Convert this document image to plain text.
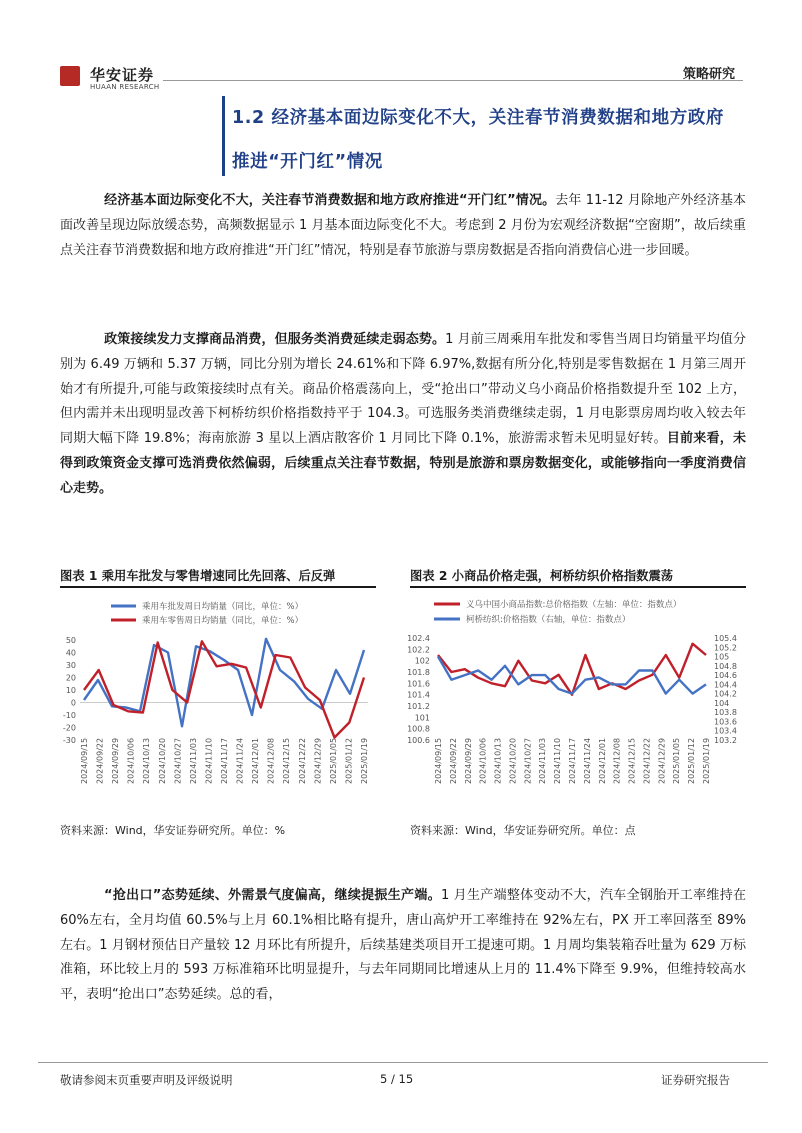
华安证券
HUAAN RESEARCH
策略研究
1.2 经济基本面边际变化不大，关注春节消费数据和地方政府
推进“开门红”情况
经济基本面边际变化不大，关注春节消费数据和地方政府推进“开门红”情况。去年 11-12 月除地产外经济基本面改善呈现边际放缓态势，高频数据显示 1 月基本面边际变化不大。考虑到 2 月份为宏观经济数据“空窗期”，故后续重点关注春节消费数据和地方政府推进“开门红”情况，特别是春节旅游与票房数据是否指向消费信心进一步回暖。
政策接续发力支撑商品消费，但服务类消费延续走弱态势。1 月前三周乘用车批发和零售当周日均销量平均值分别为 6.49 万辆和 5.37 万辆，同比分别为增长 24.61%和下降 6.97%,数据有所分化,特别是零售数据在 1 月第三周开始才有所提升,可能与政策接续时点有关。商品价格震荡向上，受“抢出口”带动义乌小商品价格指数提升至 102 上方，但内需并未出现明显改善下柯桥纺织价格指数持平于 104.3。可选服务类消费继续走弱，1 月电影票房周均收入较去年同期大幅下降 19.8%；海南旅游 3 星以上酒店散客价 1 月同比下降 0.1%，旅游需求暂未见明显好转。目前来看，未得到政策资金支撑可选消费依然偏弱，后续重点关注春节数据，特别是旅游和票房数据变化，或能够指向一季度消费信心走势。
图表 1 乘用车批发与零售增速同比先回落、后反弹	图表 2 小商品价格走强，柯桥纺织价格指数震荡
乘用车批发周日均销量（同比，单位：%）
乘用车零售周日均销量（同比，单位：%）
50
40
30
20
10
0
-10
-20
-30 2024/09/15 2024/09/22 2024/09/29 2024/10/06 2024/10/13 2024/10/20 2024/10/27 2024/11/03 2024/11/10 2024/11/17 2024/11/24 2024/12/01 2024/12/08 2024/12/15 2024/12/22 2024/12/29 2025/01/05 2025/01/12 2025/01/19
义乌中国小商品指数:总价格指数（左轴：单位：指数点）
柯桥纺织:价格指数（右轴，单位：指数点）
102.4
102.2
102
101.8
101.6
101.4
101.2
101
100.8
100.6
105.4
105.2
105
104.8
104.6
104.4
104.2
104
103.8
103.6
103.4
103.2
2024/09/15 2024/09/22 2024/09/29 2024/10/06 2024/10/13 2024/10/20 2024/10/27 2024/11/03 2024/11/10 2024/11/17 2024/11/24 2024/12/01 2024/12/08 2024/12/15 2024/12/22 2024/12/29 2025/01/05 2025/01/12 2025/01/19
资料来源：Wind，华安证券研究所。单位：%	资料来源：Wind，华安证券研究所。单位：点
“抢出口”态势延续、外需景气度偏高，继续提振生产端。1 月生产端整体变动不大，汽车全钢胎开工率维持在 60%左右，全月均值 60.5%与上月 60.1%相比略有提升，唐山高炉开工率维持在 92%左右，PX 开工率回落至 89%左右。1 月钢材预估日产量较 12 月环比有所提升，后续基建类项目开工提速可期。1 月周均集装箱吞吐量为 629 万标准箱，环比较上月的 593 万标准箱环比明显提升，与去年同期同比增速从上月的 11.4%下降至 9.9%，但维持较高水平，表明“抢出口”态势延续。总的看，
敬请参阅末页重要声明及评级说明	5 / 15	证券研究报告
